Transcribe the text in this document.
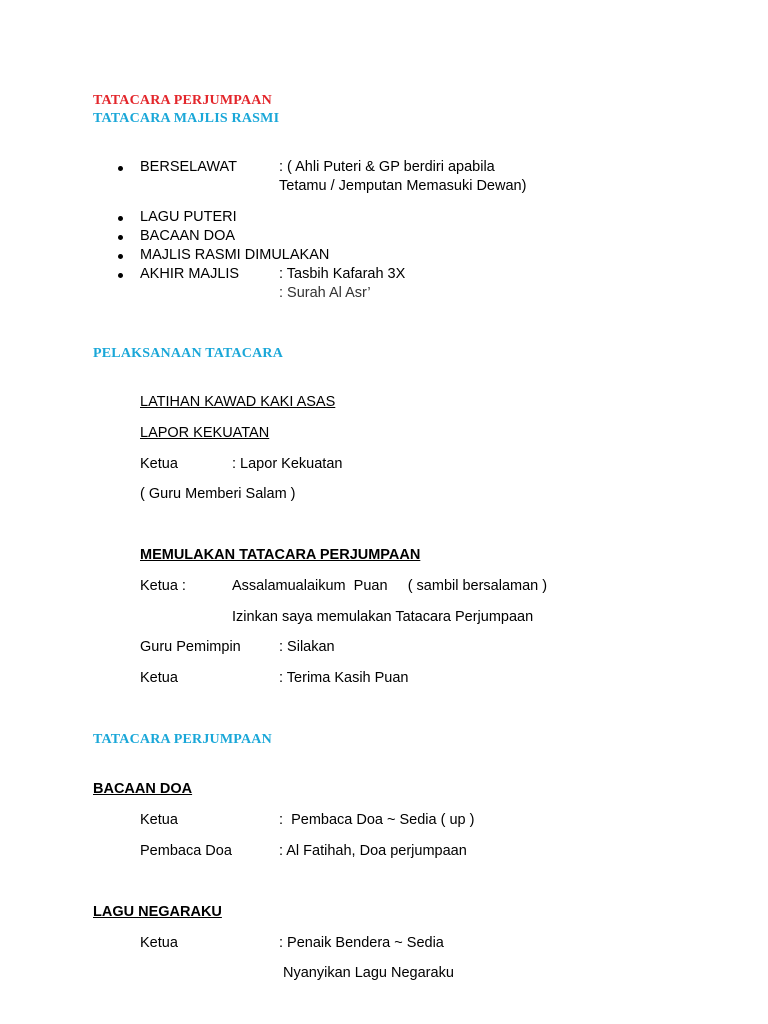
TATACARA PERJUMPAAN
TATACARA MAJLIS RASMI
BERSELAWAT	: ( Ahli Puteri & GP berdiri apabila
Tetamu / Jemputan Memasuki Dewan)
LAGU PUTERI
BACAAN DOA
MAJLIS RASMI DIMULAKAN
AKHIR MAJLIS	: Tasbih Kafarah 3X
: Surah Al Asr’
PELAKSANAAN TATACARA
LATIHAN KAWAD KAKI ASAS
LAPOR KEKUATAN
Ketua	: Lapor Kekuatan
( Guru Memberi Salam )
MEMULAKAN TATACARA PERJUMPAAN
Ketua :	Assalamualaikum  Puan     ( sambil bersalaman )
Izinkan saya memulakan Tatacara Perjumpaan
Guru Pemimpin	: Silakan
Ketua	: Terima Kasih Puan
TATACARA PERJUMPAAN
BACAAN DOA
Ketua	:  Pembaca Doa ~ Sedia ( up )
Pembaca Doa	: Al Fatihah, Doa perjumpaan
LAGU NEGARAKU
Ketua	: Penaik Bendera ~ Sedia
Nyanyikan Lagu Negaraku
